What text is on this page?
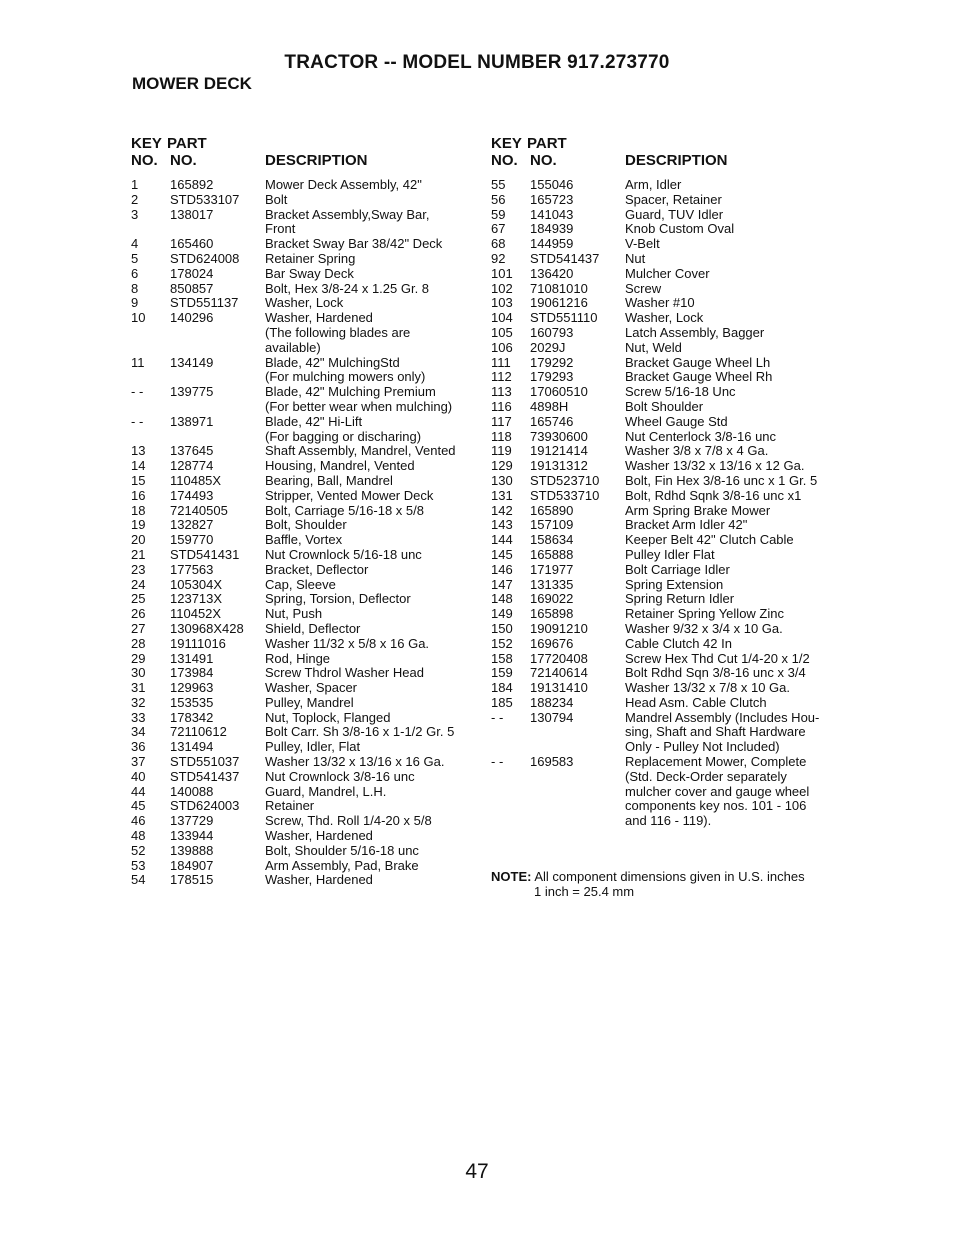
TRACTOR -- MODEL NUMBER 917.273770
MOWER DECK
KEY PART
NO. NO.	DESCRIPTION
1	165892	Mower Deck Assembly, 42"
2	STD533107	Bolt
3	138017	Bracket Assembly,Sway Bar,
Front
4	165460	Bracket Sway Bar 38/42" Deck
5	STD624008	Retainer Spring
6	178024	Bar Sway Deck
8	850857	Bolt, Hex 3/8-24 x 1.25 Gr. 8
9	STD551137	Washer, Lock
10	140296	Washer, Hardened
(The following blades are
available)
11	134149	Blade, 42" MulchingStd
(For mulching mowers only)
- -	139775	Blade, 42" Mulching Premium
(For better wear when mulching)
- -	138971	Blade, 42" Hi-Lift
(For bagging or discharing)
13	137645	Shaft Assembly, Mandrel, Vented
14	128774	Housing, Mandrel, Vented
15	110485X	Bearing, Ball, Mandrel
16	174493	Stripper, Vented Mower Deck
18	72140505	Bolt, Carriage 5/16-18 x 5/8
19	132827	Bolt, Shoulder
20	159770	Baffle, Vortex
21	STD541431	Nut Crownlock 5/16-18 unc
23	177563	Bracket, Deflector
24	105304X	Cap, Sleeve
25	123713X	Spring, Torsion, Deflector
26	110452X	Nut, Push
27	130968X428	Shield, Deflector
28	19111016	Washer 11/32 x 5/8 x 16 Ga.
29	131491	Rod, Hinge
30	173984	Screw Thdrol Washer Head
31	129963	Washer, Spacer
32	153535	Pulley, Mandrel
33	178342	Nut, Toplock, Flanged
34	72110612	Bolt Carr. Sh 3/8-16 x 1-1/2 Gr. 5
36	131494	Pulley, Idler, Flat
37	STD551037	Washer 13/32 x 13/16 x 16 Ga.
40	STD541437	Nut Crownlock 3/8-16 unc
44	140088	Guard, Mandrel, L.H.
45	STD624003	Retainer
46	137729	Screw, Thd. Roll 1/4-20 x 5/8
48	133944	Washer, Hardened
52	139888	Bolt, Shoulder 5/16-18 unc
53	184907	Arm Assembly, Pad, Brake
54	178515	Washer, Hardened
KEY PART
NO. NO.	DESCRIPTION
55	155046	Arm, Idler
56	165723	Spacer, Retainer
59	141043	Guard, TUV Idler
67	184939	Knob Custom Oval
68	144959	V-Belt
92	STD541437	Nut
101	136420	Mulcher Cover
102	71081010	Screw
103	19061216	Washer #10
104	STD551110	Washer, Lock
105	160793	Latch Assembly, Bagger
106	2029J	Nut, Weld
111	179292	Bracket Gauge Wheel Lh
112	179293	Bracket Gauge Wheel Rh
113	17060510	Screw 5/16-18 Unc
116	4898H	Bolt Shoulder
117	165746	Wheel Gauge Std
118	73930600	Nut Centerlock 3/8-16 unc
119	19121414	Washer 3/8 x 7/8 x 4 Ga.
129	19131312	Washer 13/32 x 13/16 x 12 Ga.
130	STD523710	Bolt, Fin Hex 3/8-16 unc x 1 Gr. 5
131	STD533710	Bolt, Rdhd Sqnk 3/8-16 unc x1
142	165890	Arm Spring Brake Mower
143	157109	Bracket Arm Idler 42"
144	158634	Keeper Belt 42" Clutch Cable
145	165888	Pulley Idler Flat
146	171977	Bolt Carriage Idler
147	131335	Spring Extension
148	169022	Spring Return Idler
149	165898	Retainer Spring Yellow Zinc
150	19091210	Washer 9/32 x 3/4 x 10 Ga.
152	169676	Cable Clutch 42 In
158	17720408	Screw Hex Thd Cut 1/4-20 x 1/2
159	72140614	Bolt Rdhd Sqn 3/8-16 unc x 3/4
184	19131410	Washer 13/32 x 7/8 x 10 Ga.
185	188234	Head Asm. Cable Clutch
- -	130794	Mandrel Assembly (Includes Hou-
sing, Shaft and Shaft Hardware
Only - Pulley Not Included)
- -	169583	Replacement Mower, Complete
(Std. Deck-Order separately
mulcher cover and gauge wheel
components key nos. 101 - 106
and 116 - 119).
NOTE: All component dimensions given in U.S. inches
1 inch = 25.4 mm
47
